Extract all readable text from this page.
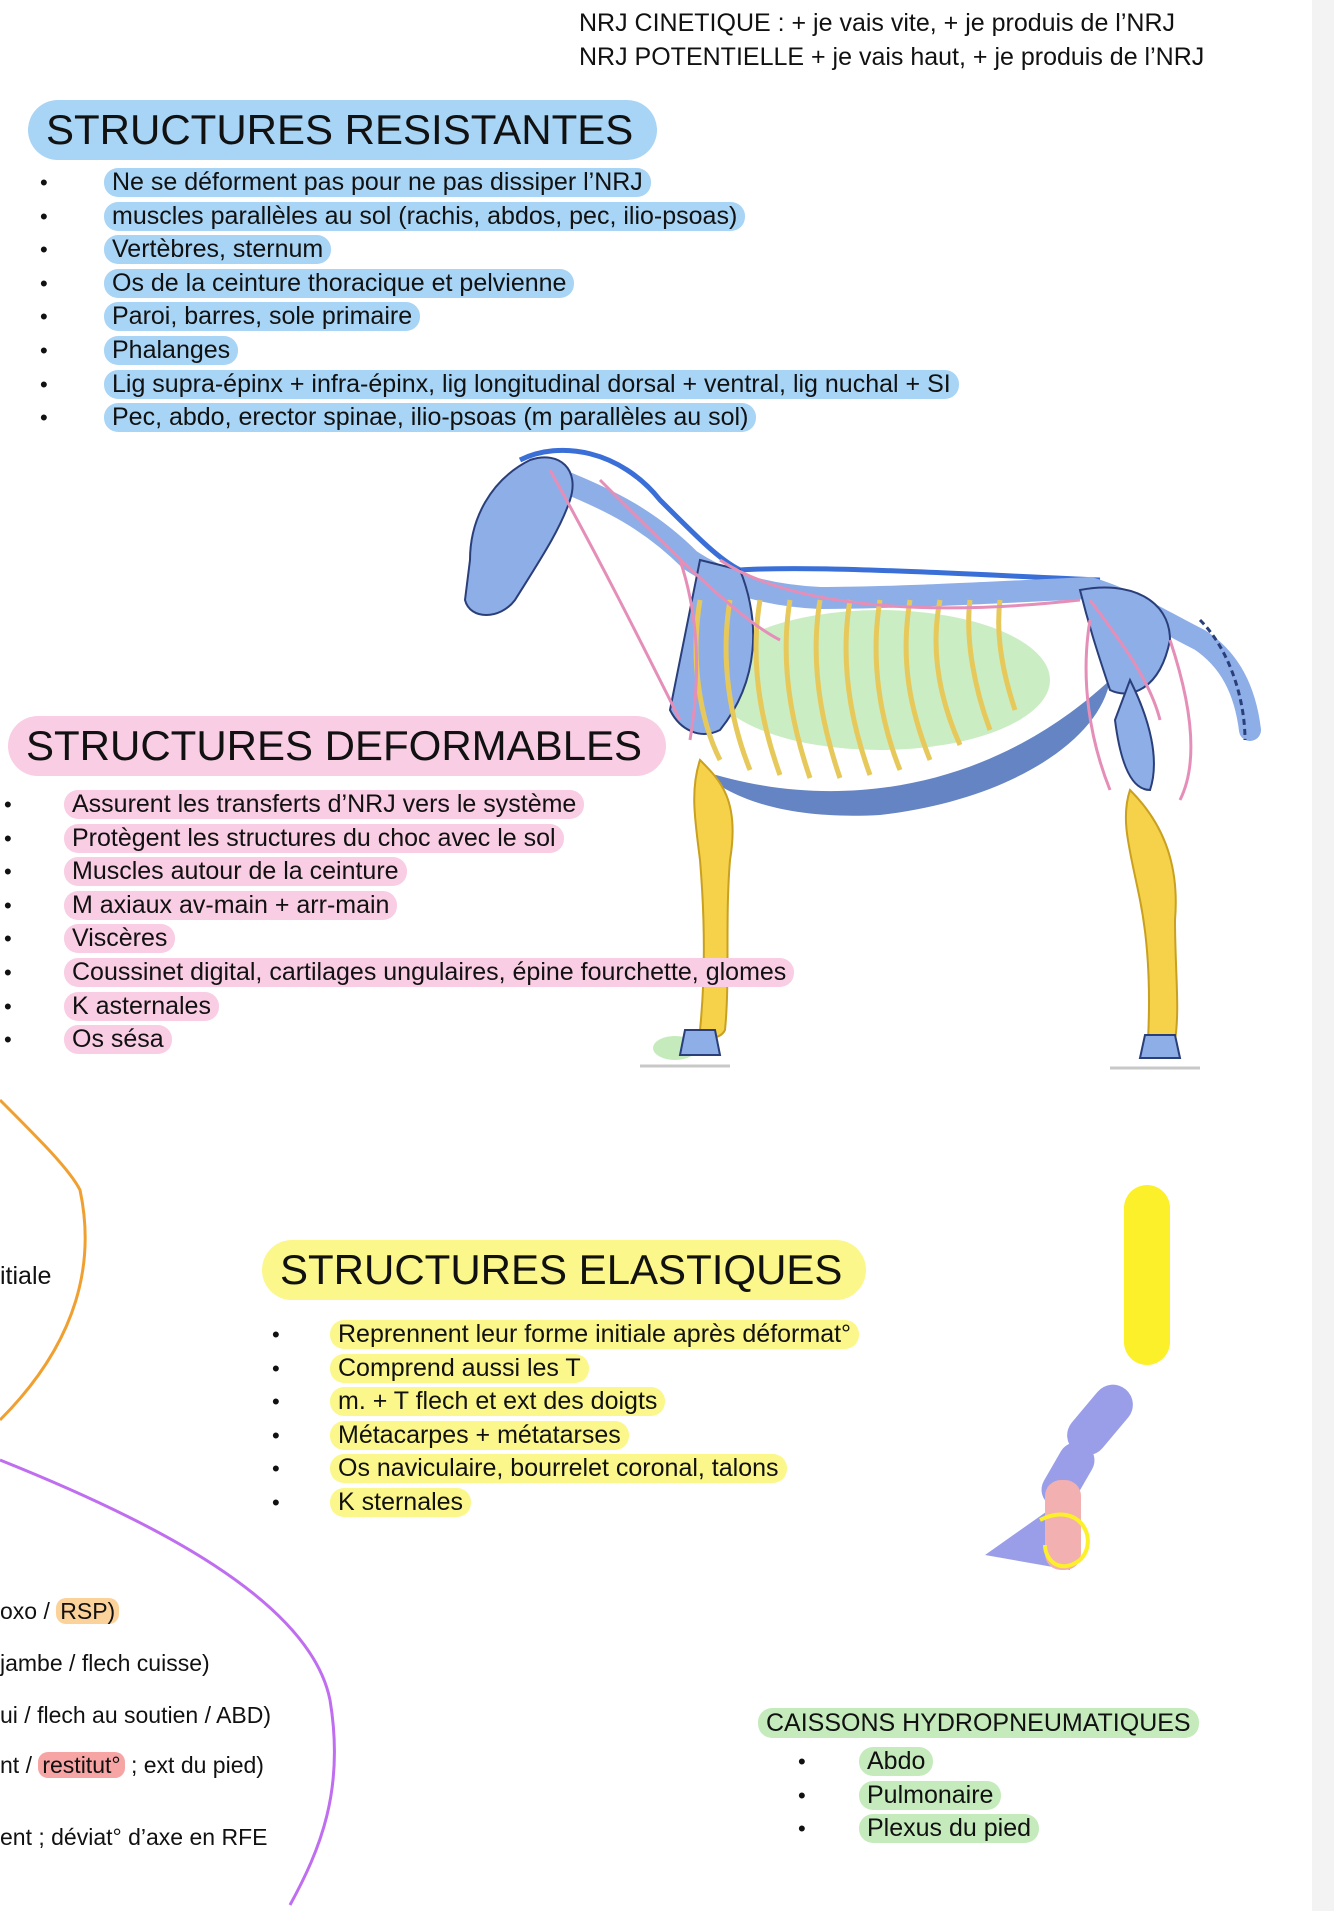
NRJ CINETIQUE : + je vais vite, + je produis de l’NRJ
NRJ POTENTIELLE + je vais haut, + je produis de l’NRJ
STRUCTURES RESISTANTES
•	Ne se déforment pas pour ne pas dissiper l’NRJ
•	muscles parallèles au sol (rachis, abdos, pec, ilio-psoas)
•	Vertèbres, sternum
•	Os de la ceinture thoracique et pelvienne
•	Paroi, barres, sole primaire
•	Phalanges
•	Lig supra-épinx + infra-épinx, lig longitudinal dorsal + ventral, lig nuchal + SI
•	Pec, abdo, erector spinae, ilio-psoas (m parallèles au sol)
STRUCTURES DEFORMABLES
• Assurent les transferts d’NRJ vers le système
• Protègent les structures du choc avec le sol
• Muscles autour de la ceinture
• M axiaux av-main + arr-main
• Viscères
• Coussinet digital, cartilages ungulaires, épine fourchette, glomes
• K asternales
• Os sésa
STRUCTURES ELASTIQUES
• Reprennent leur forme initiale après déformat°
• Comprend aussi les T
• m. + T flech et ext des doigts
• Métacarpes + métatarses
• Os naviculaire, bourrelet coronal, talons
• K sternales
CAISSONS HYDROPNEUMATIQUES
• Abdo
• Pulmonaire
• Plexus du pied
itiale
oxo / RSP)
jambe / flech cuisse)
ui / flech au soutien / ABD)
nt / restitut° ; ext du pied)
ent ; déviat° d’axe en RFE
